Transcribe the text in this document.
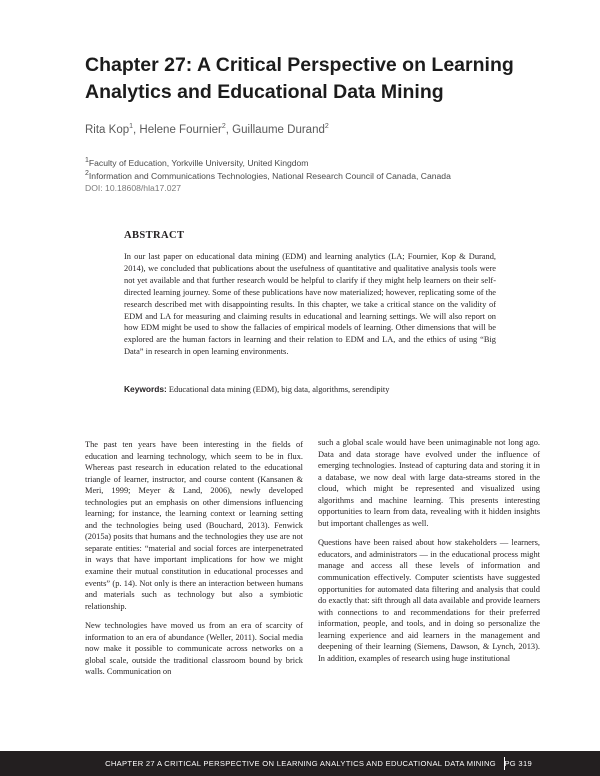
Chapter 27: A Critical Perspective on Learning Analytics and Educational Data Mining
Rita Kop$^1$, Helene Fournier$^2$, Guillaume Durand$^2$
$^1$Faculty of Education, Yorkville University, United Kingdom
$^2$Information and Communications Technologies, National Research Council of Canada, Canada
DOI: 10.18608/hla17.027
ABSTRACT

In our last paper on educational data mining (EDM) and learning analytics (LA; Fournier, Kop & Durand, 2014), we concluded that publications about the usefulness of quantitative and qualitative analysis tools were not yet available and that further research would be helpful to clarify if they might help learners on their self-directed learning journey. Some of these publications have now materialized; however, replicating some of the research described met with disappointing results. In this chapter, we take a critical stance on the validity of EDM and LA for measuring and claiming results in educational and learning settings. We will also report on how EDM might be used to show the fallacies of empirical models of learning. Other dimensions that will be explored are the human factors in learning and their relation to EDM and LA, and the ethics of using “Big Data” in research in open learning environments.

Keywords: Educational data mining (EDM), big data, algorithms, serendipity

The past ten years have been interesting in the fields of education and learning technology, which seem to be in flux. Whereas past research in education related to the educational triangle of learner, instructor, and course content (Kansanen & Meri, 1999; Meyer & Land, 2006), newly developed technologies put an emphasis on other dimensions influencing learning; for instance, the learning context or learning setting and the technologies being used (Bouchard, 2013). Fenwick (2015a) posits that humans and the technologies they use are not separate entities: “material and social forces are interpenetrated in ways that have important implications for how we might examine their mutual constitution in educational processes and events” (p. 14). Not only is there an interaction between humans and materials such as technology but also a symbiotic relationship.

New technologies have moved us from an era of scarcity of information to an era of abundance (Weller, 2011). Social media now make it possible to communicate across networks on a global scale, outside the traditional classroom bound by brick walls. Communication on

such a global scale would have been unimaginable not long ago. Data and data storage have evolved under the influence of emerging technologies. Instead of capturing data and storing it in a database, we now deal with large data-streams stored in the cloud, which might be represented and visualized using algorithms and machine learning. This presents interesting opportunities to learn from data, revealing with it hidden insights but important challenges as well.

Questions have been raised about how stakeholders — learners, educators, and administrators — in the educational process might manage and access all these levels of information and communication effectively. Computer scientists have suggested opportunities for automated data filtering and analysis that could do exactly that: sift through all data available and provide learners with connections to and recommendations for their preferred information, people, and tools, and in doing so personalize the learning experience and aid learners in the management and deepening of their learning (Siemens, Dawson, & Lynch, 2013). In addition, examples of research using huge institutional

CHAPTER 27 A CRITICAL PERSPECTIVE ON LEARNING ANALYTICS AND EDUCATIONAL DATA MINING PG 319
